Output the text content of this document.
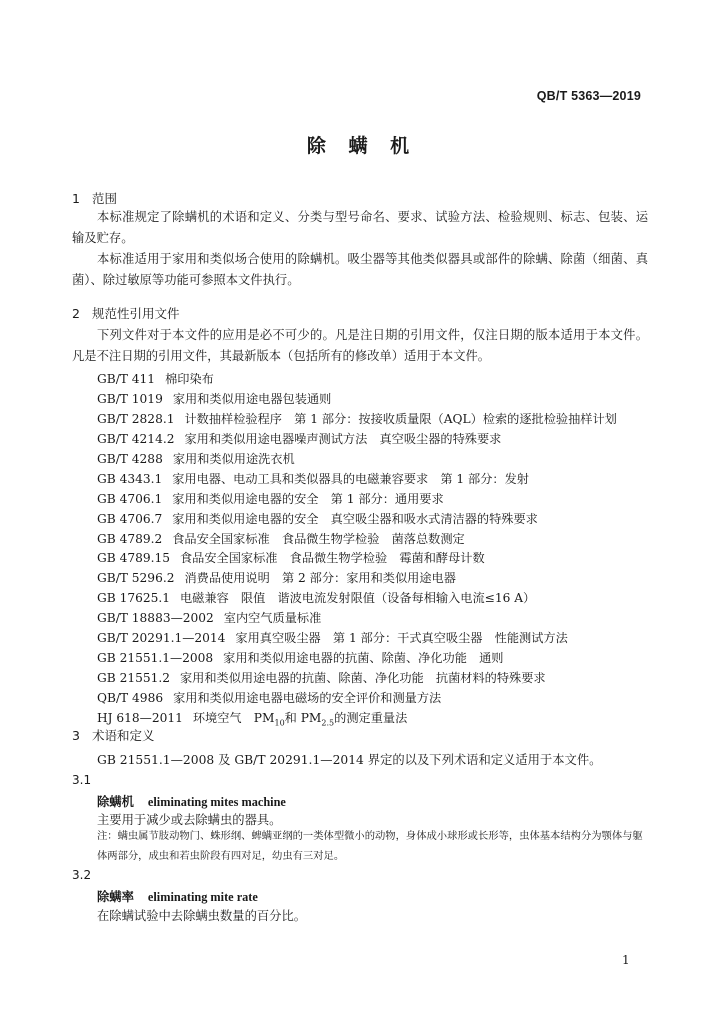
QB/T 5363—2019
除 螨 机
1 范围

本标准规定了除螨机的术语和定义、分类与型号命名、要求、试验方法、检验规则、标志、包装、运输及贮存。

本标准适用于家用和类似场合使用的除螨机。吸尘器等其他类似器具或部件的除螨、除菌（细菌、真菌）、除过敏原等功能可参照本文件执行。

2 规范性引用文件

下列文件对于本文件的应用是必不可少的。凡是注日期的引用文件，仅注日期的版本适用于本文件。凡是不注日期的引用文件，其最新版本（包括所有的修改单）适用于本文件。

GB/T 411 棉印染布
GB/T 1019 家用和类似用途电器包装通则
GB/T 2828.1 计数抽样检验程序　第 1 部分：按接收质量限（AQL）检索的逐批检验抽样计划
GB/T 4214.2 家用和类似用途电器噪声测试方法　真空吸尘器的特殊要求
GB/T 4288 家用和类似用途洗衣机
GB 4343.1 家用电器、电动工具和类似器具的电磁兼容要求　第 1 部分：发射
GB 4706.1 家用和类似用途电器的安全　第 1 部分：通用要求
GB 4706.7 家用和类似用途电器的安全　真空吸尘器和吸水式清洁器的特殊要求
GB 4789.2 食品安全国家标准　食品微生物学检验　菌落总数测定
GB 4789.15 食品安全国家标准　食品微生物学检验　霉菌和酵母计数
GB/T 5296.2 消费品使用说明　第 2 部分：家用和类似用途电器
GB 17625.1 电磁兼容　限值　谐波电流发射限值（设备每相输入电流≤16 A）
GB/T 18883—2002 室内空气质量标准
GB/T 20291.1—2014 家用真空吸尘器　第 1 部分：干式真空吸尘器　性能测试方法
GB 21551.1—2008 家用和类似用途电器的抗菌、除菌、净化功能　通则
GB 21551.2 家用和类似用途电器的抗菌、除菌、净化功能　抗菌材料的特殊要求
QB/T 4986 家用和类似用途电器电磁场的安全评价和测量方法
HJ 618—2011 环境空气　$PM_{10}$和 $PM_{2.5}$的测定重量法
3 术语和定义
GB 21551.1—2008 及 GB/T 20291.1—2014 界定的以及下列术语和定义适用于本文件。
3.1
除螨机 eliminating mites machine
主要用于减少或去除螨虫的器具。
注：螨虫属节肢动物门、蛛形纲、蜱螨亚纲的一类体型微小的动物，身体成小球形或长形等，虫体基本结构分为颚体与躯体两部分，成虫和若虫阶段有四对足，幼虫有三对足。
3.2
除螨率 eliminating mite rate
在除螨试验中去除螨虫数量的百分比。
1
